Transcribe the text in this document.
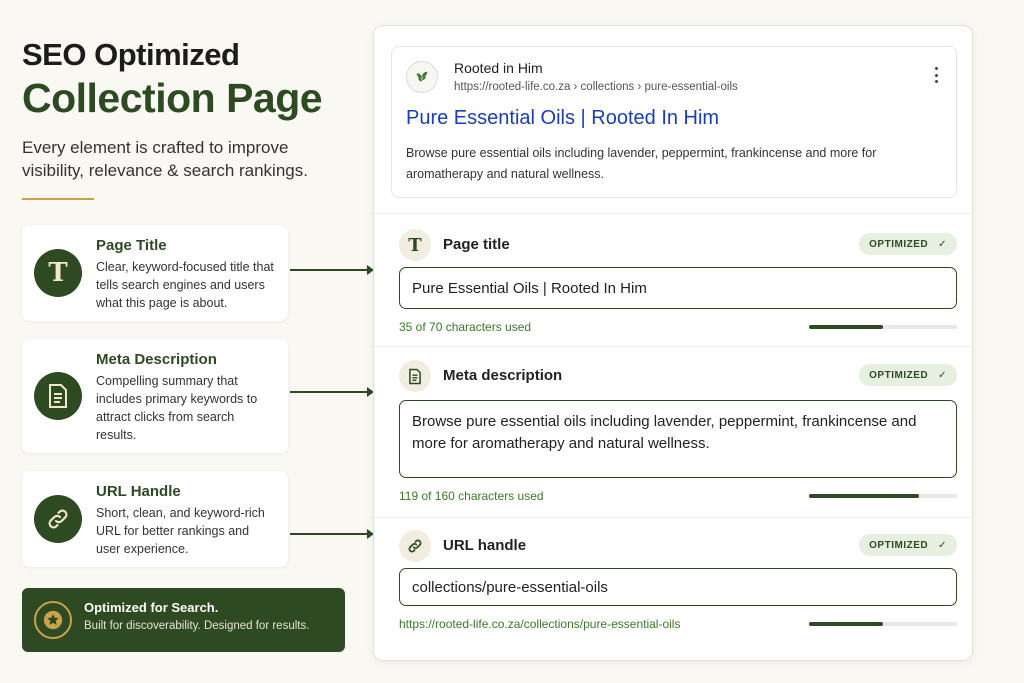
SEO Optimized
Collection Page
Every element is crafted to improve visibility, relevance & search rankings.
T
Page Title
Clear, keyword-focused title that tells search engines and users what this page is about.
Meta Description
Compelling summary that includes primary keywords to attract clicks from search results.
URL Handle
Short, clean, and keyword-rich URL for better rankings and user experience.
Optimized for Search.
Built for discoverability. Designed for results.
Rooted in Him
https://rooted-life.co.za › collections › pure-essential-oils
Pure Essential Oils | Rooted In Him
Browse pure essential oils including lavender, peppermint, frankincense and more for aromatherapy and natural wellness.
T Page title	OPTIMIZED ✓
Pure Essential Oils | Rooted In Him
35 of 70 characters used
Meta description	OPTIMIZED ✓
Browse pure essential oils including lavender, peppermint, frankincense and more for aromatherapy and natural wellness.
119 of 160 characters used
URL handle	OPTIMIZED ✓
collections/pure-essential-oils
https://rooted-life.co.za/collections/pure-essential-oils
